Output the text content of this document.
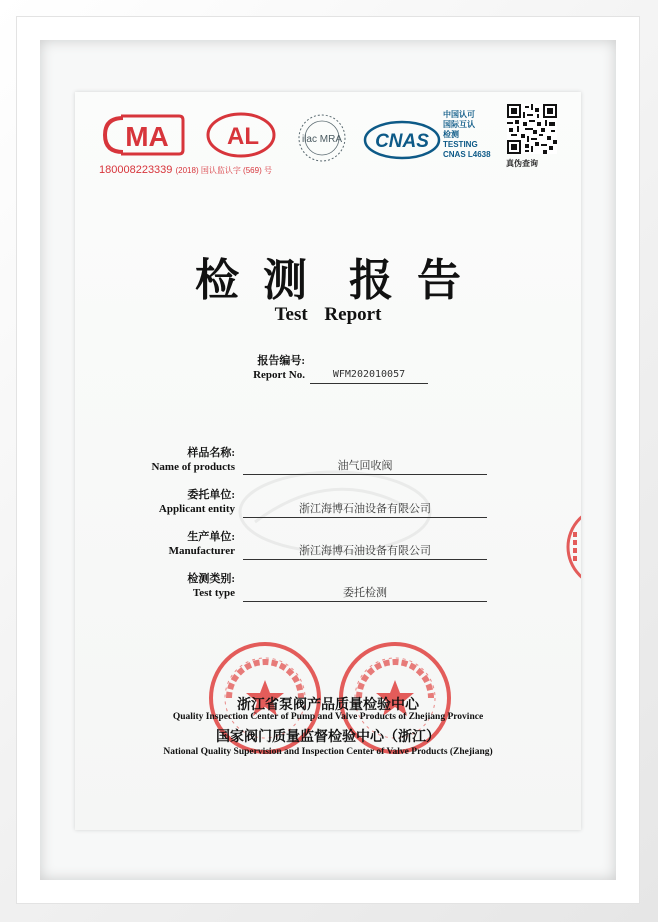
MA AL
180008223339 (2018) 国认监认字 (569) 号
ilac MRA CNAS
中国认可
国际互认
检测
TESTING
CNAS L4638
真伪查询
检 测 报 告
Test Report
报告编号:
Report No.	WFM202010057
样品名称:
Name of products	油气回收阀
委托单位:
Applicant entity	浙江海博石油设备有限公司
生产单位:
Manufacturer	浙江海博石油设备有限公司
检测类别:
Test type	委托检测
浙江省泵阀产品质量检验中心
Quality Inspection Center of Pump and Valve Products of Zhejiang Province
国家阀门质量监督检验中心（浙江）
National Quality Supervision and Inspection Center of Valve Products (Zhejiang)
